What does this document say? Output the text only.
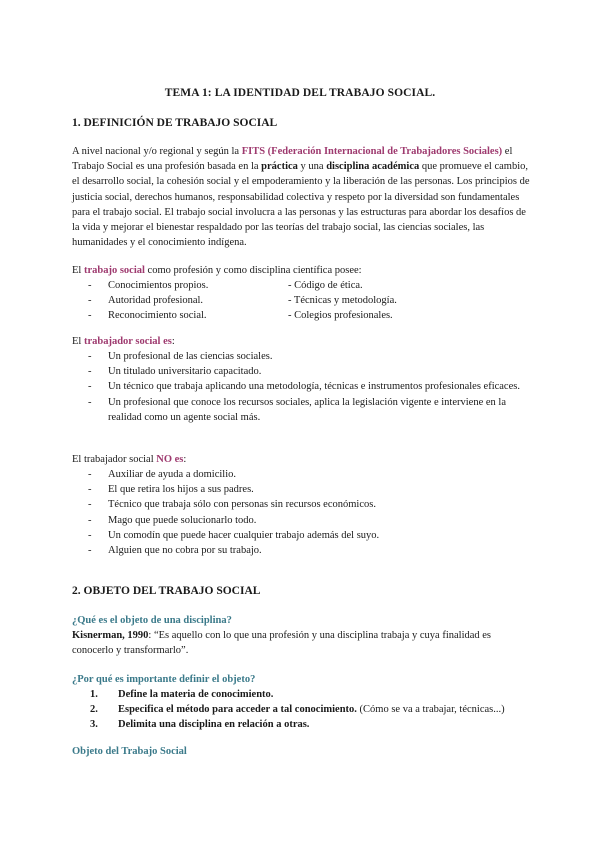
TEMA 1: LA IDENTIDAD DEL TRABAJO SOCIAL.
1. DEFINICIÓN DE TRABAJO SOCIAL
A nivel nacional y/o regional y según la FITS (Federación Internacional de Trabajadores Sociales) el Trabajo Social es una profesión basada en la práctica y una disciplina académica que promueve el cambio, el desarrollo social, la cohesión social y el empoderamiento y la liberación de las personas. Los principios de justicia social, derechos humanos, responsabilidad colectiva y respeto por la diversidad son fundamentales para el trabajo social. El trabajo social involucra a las personas y las estructuras para abordar los desafíos de la vida y mejorar el bienestar respaldado por las teorías del trabajo social, las ciencias sociales, las humanidades y el conocimiento indígena.
El trabajo social como profesión y como disciplina científica posee:
- Conocimientos propios.	- Código de ética.
- Autoridad profesional.	- Técnicas y metodología.
- Reconocimiento social.	- Colegios profesionales.
El trabajador social es:
- Un profesional de las ciencias sociales.
- Un titulado universitario capacitado.
- Un técnico que trabaja aplicando una metodología, técnicas e instrumentos profesionales eficaces.
- Un profesional que conoce los recursos sociales, aplica la legislación vigente e interviene en la realidad como un agente social más.
El trabajador social NO es:
- Auxiliar de ayuda a domicilio.
- El que retira los hijos a sus padres.
- Técnico que trabaja sólo con personas sin recursos económicos.
- Mago que puede solucionarlo todo.
- Un comodín que puede hacer cualquier trabajo además del suyo.
- Alguien que no cobra por su trabajo.
2. OBJETO DEL TRABAJO SOCIAL
¿Qué es el objeto de una disciplina?
Kisnerman, 1990: “Es aquello con lo que una profesión y una disciplina trabaja y cuya finalidad es conocerlo y transformarlo”.
¿Por qué es importante definir el objeto?
1. Define la materia de conocimiento.
2. Especifica el método para acceder a tal conocimiento. (Cómo se va a trabajar, técnicas...)
3. Delimita una disciplina en relación a otras.
Objeto del Trabajo Social
